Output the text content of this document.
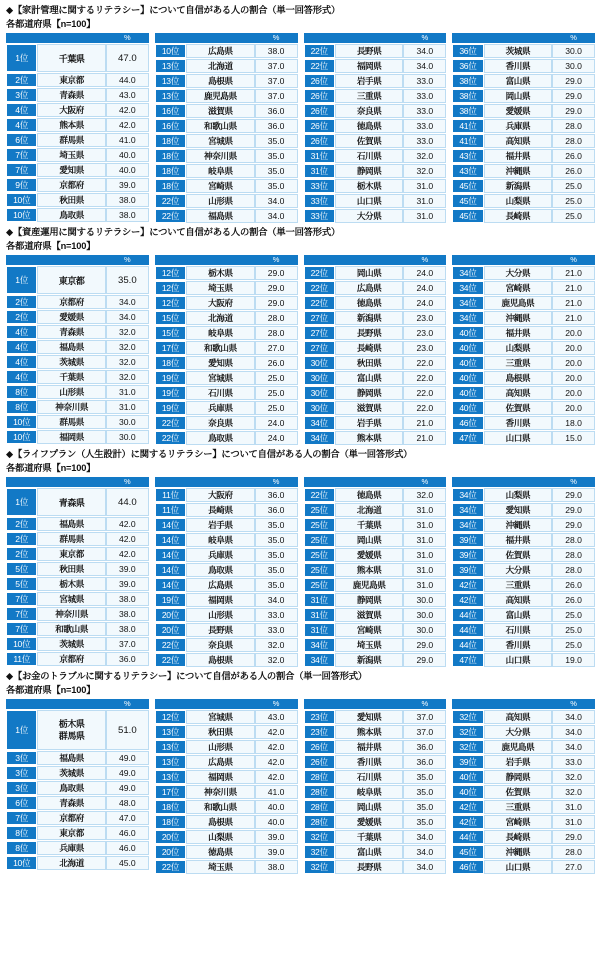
◆【家計管理に関するリテラシー】について自信がある人の割合（単一回答形式）
各都道府県【n=100】
		%
1位	千葉県	47.0
2位	東京都	44.0
3位	青森県	43.0
4位	大阪府	42.0
4位	熊本県	42.0
6位	群馬県	41.0
7位	埼玉県	40.0
7位	愛知県	40.0
9位	京都府	39.0
10位	秋田県	38.0
10位	鳥取県	38.0
		%
10位	広島県	38.0
13位	北海道	37.0
13位	島根県	37.0
13位	鹿児島県	37.0
16位	滋賀県	36.0
16位	和歌山県	36.0
18位	宮城県	35.0
18位	神奈川県	35.0
18位	岐阜県	35.0
18位	宮崎県	35.0
22位	山形県	34.0
22位	福島県	34.0
		%
22位	長野県	34.0
22位	福岡県	34.0
26位	岩手県	33.0
26位	三重県	33.0
26位	奈良県	33.0
26位	徳島県	33.0
26位	佐賀県	33.0
31位	石川県	32.0
31位	静岡県	32.0
33位	栃木県	31.0
33位	山口県	31.0
33位	大分県	31.0
		%
36位	茨城県	30.0
36位	香川県	30.0
38位	富山県	29.0
38位	岡山県	29.0
38位	愛媛県	29.0
41位	兵庫県	28.0
41位	高知県	28.0
43位	福井県	26.0
43位	沖縄県	26.0
45位	新潟県	25.0
45位	山梨県	25.0
45位	長崎県	25.0
◆【資産運用に関するリテラシー】について自信がある人の割合（単一回答形式）
各都道府県【n=100】
		%
1位	東京都	35.0
2位	京都府	34.0
2位	愛媛県	34.0
4位	青森県	32.0
4位	福島県	32.0
4位	茨城県	32.0
4位	千葉県	32.0
8位	山形県	31.0
8位	神奈川県	31.0
10位	群馬県	30.0
10位	福岡県	30.0
		%
12位	栃木県	29.0
12位	埼玉県	29.0
12位	大阪府	29.0
15位	北海道	28.0
15位	岐阜県	28.0
17位	和歌山県	27.0
18位	愛知県	26.0
19位	宮城県	25.0
19位	石川県	25.0
19位	兵庫県	25.0
22位	奈良県	24.0
22位	鳥取県	24.0
		%
22位	岡山県	24.0
22位	広島県	24.0
22位	徳島県	24.0
27位	新潟県	23.0
27位	長野県	23.0
27位	長崎県	23.0
30位	秋田県	22.0
30位	富山県	22.0
30位	静岡県	22.0
30位	滋賀県	22.0
34位	岩手県	21.0
34位	熊本県	21.0
		%
34位	大分県	21.0
34位	宮崎県	21.0
34位	鹿児島県	21.0
34位	沖縄県	21.0
40位	福井県	20.0
40位	山梨県	20.0
40位	三重県	20.0
40位	島根県	20.0
40位	高知県	20.0
40位	佐賀県	20.0
46位	香川県	18.0
47位	山口県	15.0
◆【ライフプラン（人生設計）に関するリテラシー】について自信がある人の割合（単一回答形式）
各都道府県【n=100】
		%
1位	青森県	44.0
2位	福島県	42.0
2位	群馬県	42.0
2位	東京都	42.0
5位	秋田県	39.0
5位	栃木県	39.0
7位	宮城県	38.0
7位	神奈川県	38.0
7位	和歌山県	38.0
10位	茨城県	37.0
11位	京都府	36.0
		%
11位	大阪府	36.0
11位	長崎県	36.0
14位	岩手県	35.0
14位	岐阜県	35.0
14位	兵庫県	35.0
14位	鳥取県	35.0
14位	広島県	35.0
19位	福岡県	34.0
20位	山形県	33.0
20位	長野県	33.0
22位	奈良県	32.0
22位	島根県	32.0
		%
22位	徳島県	32.0
25位	北海道	31.0
25位	千葉県	31.0
25位	岡山県	31.0
25位	愛媛県	31.0
25位	熊本県	31.0
25位	鹿児島県	31.0
31位	静岡県	30.0
31位	滋賀県	30.0
31位	宮崎県	30.0
34位	埼玉県	29.0
34位	新潟県	29.0
		%
34位	山梨県	29.0
34位	愛知県	29.0
34位	沖縄県	29.0
39位	福井県	28.0
39位	佐賀県	28.0
39位	大分県	28.0
42位	三重県	26.0
42位	高知県	26.0
44位	富山県	25.0
44位	石川県	25.0
44位	香川県	25.0
47位	山口県	19.0
◆【お金のトラブルに関するリテラシー】について自信がある人の割合（単一回答形式）
各都道府県【n=100】
		%
1位	栃木県
群馬県	51.0
3位	福島県	49.0
3位	茨城県	49.0
3位	鳥取県	49.0
6位	青森県	48.0
7位	京都府	47.0
8位	東京都	46.0
8位	兵庫県	46.0
10位	北海道	45.0
		%
12位	宮城県	43.0
13位	秋田県	42.0
13位	山形県	42.0
13位	広島県	42.0
13位	福岡県	42.0
17位	神奈川県	41.0
18位	和歌山県	40.0
18位	島根県	40.0
20位	山梨県	39.0
20位	徳島県	39.0
22位	埼玉県	38.0
		%
23位	愛知県	37.0
23位	熊本県	37.0
26位	福井県	36.0
26位	香川県	36.0
28位	石川県	35.0
28位	岐阜県	35.0
28位	岡山県	35.0
28位	愛媛県	35.0
32位	千葉県	34.0
32位	富山県	34.0
32位	長野県	34.0
		%
32位	高知県	34.0
32位	大分県	34.0
32位	鹿児島県	34.0
39位	岩手県	33.0
40位	静岡県	32.0
40位	佐賀県	32.0
42位	三重県	31.0
42位	宮崎県	31.0
44位	長崎県	29.0
45位	沖縄県	28.0
46位	山口県	27.0
